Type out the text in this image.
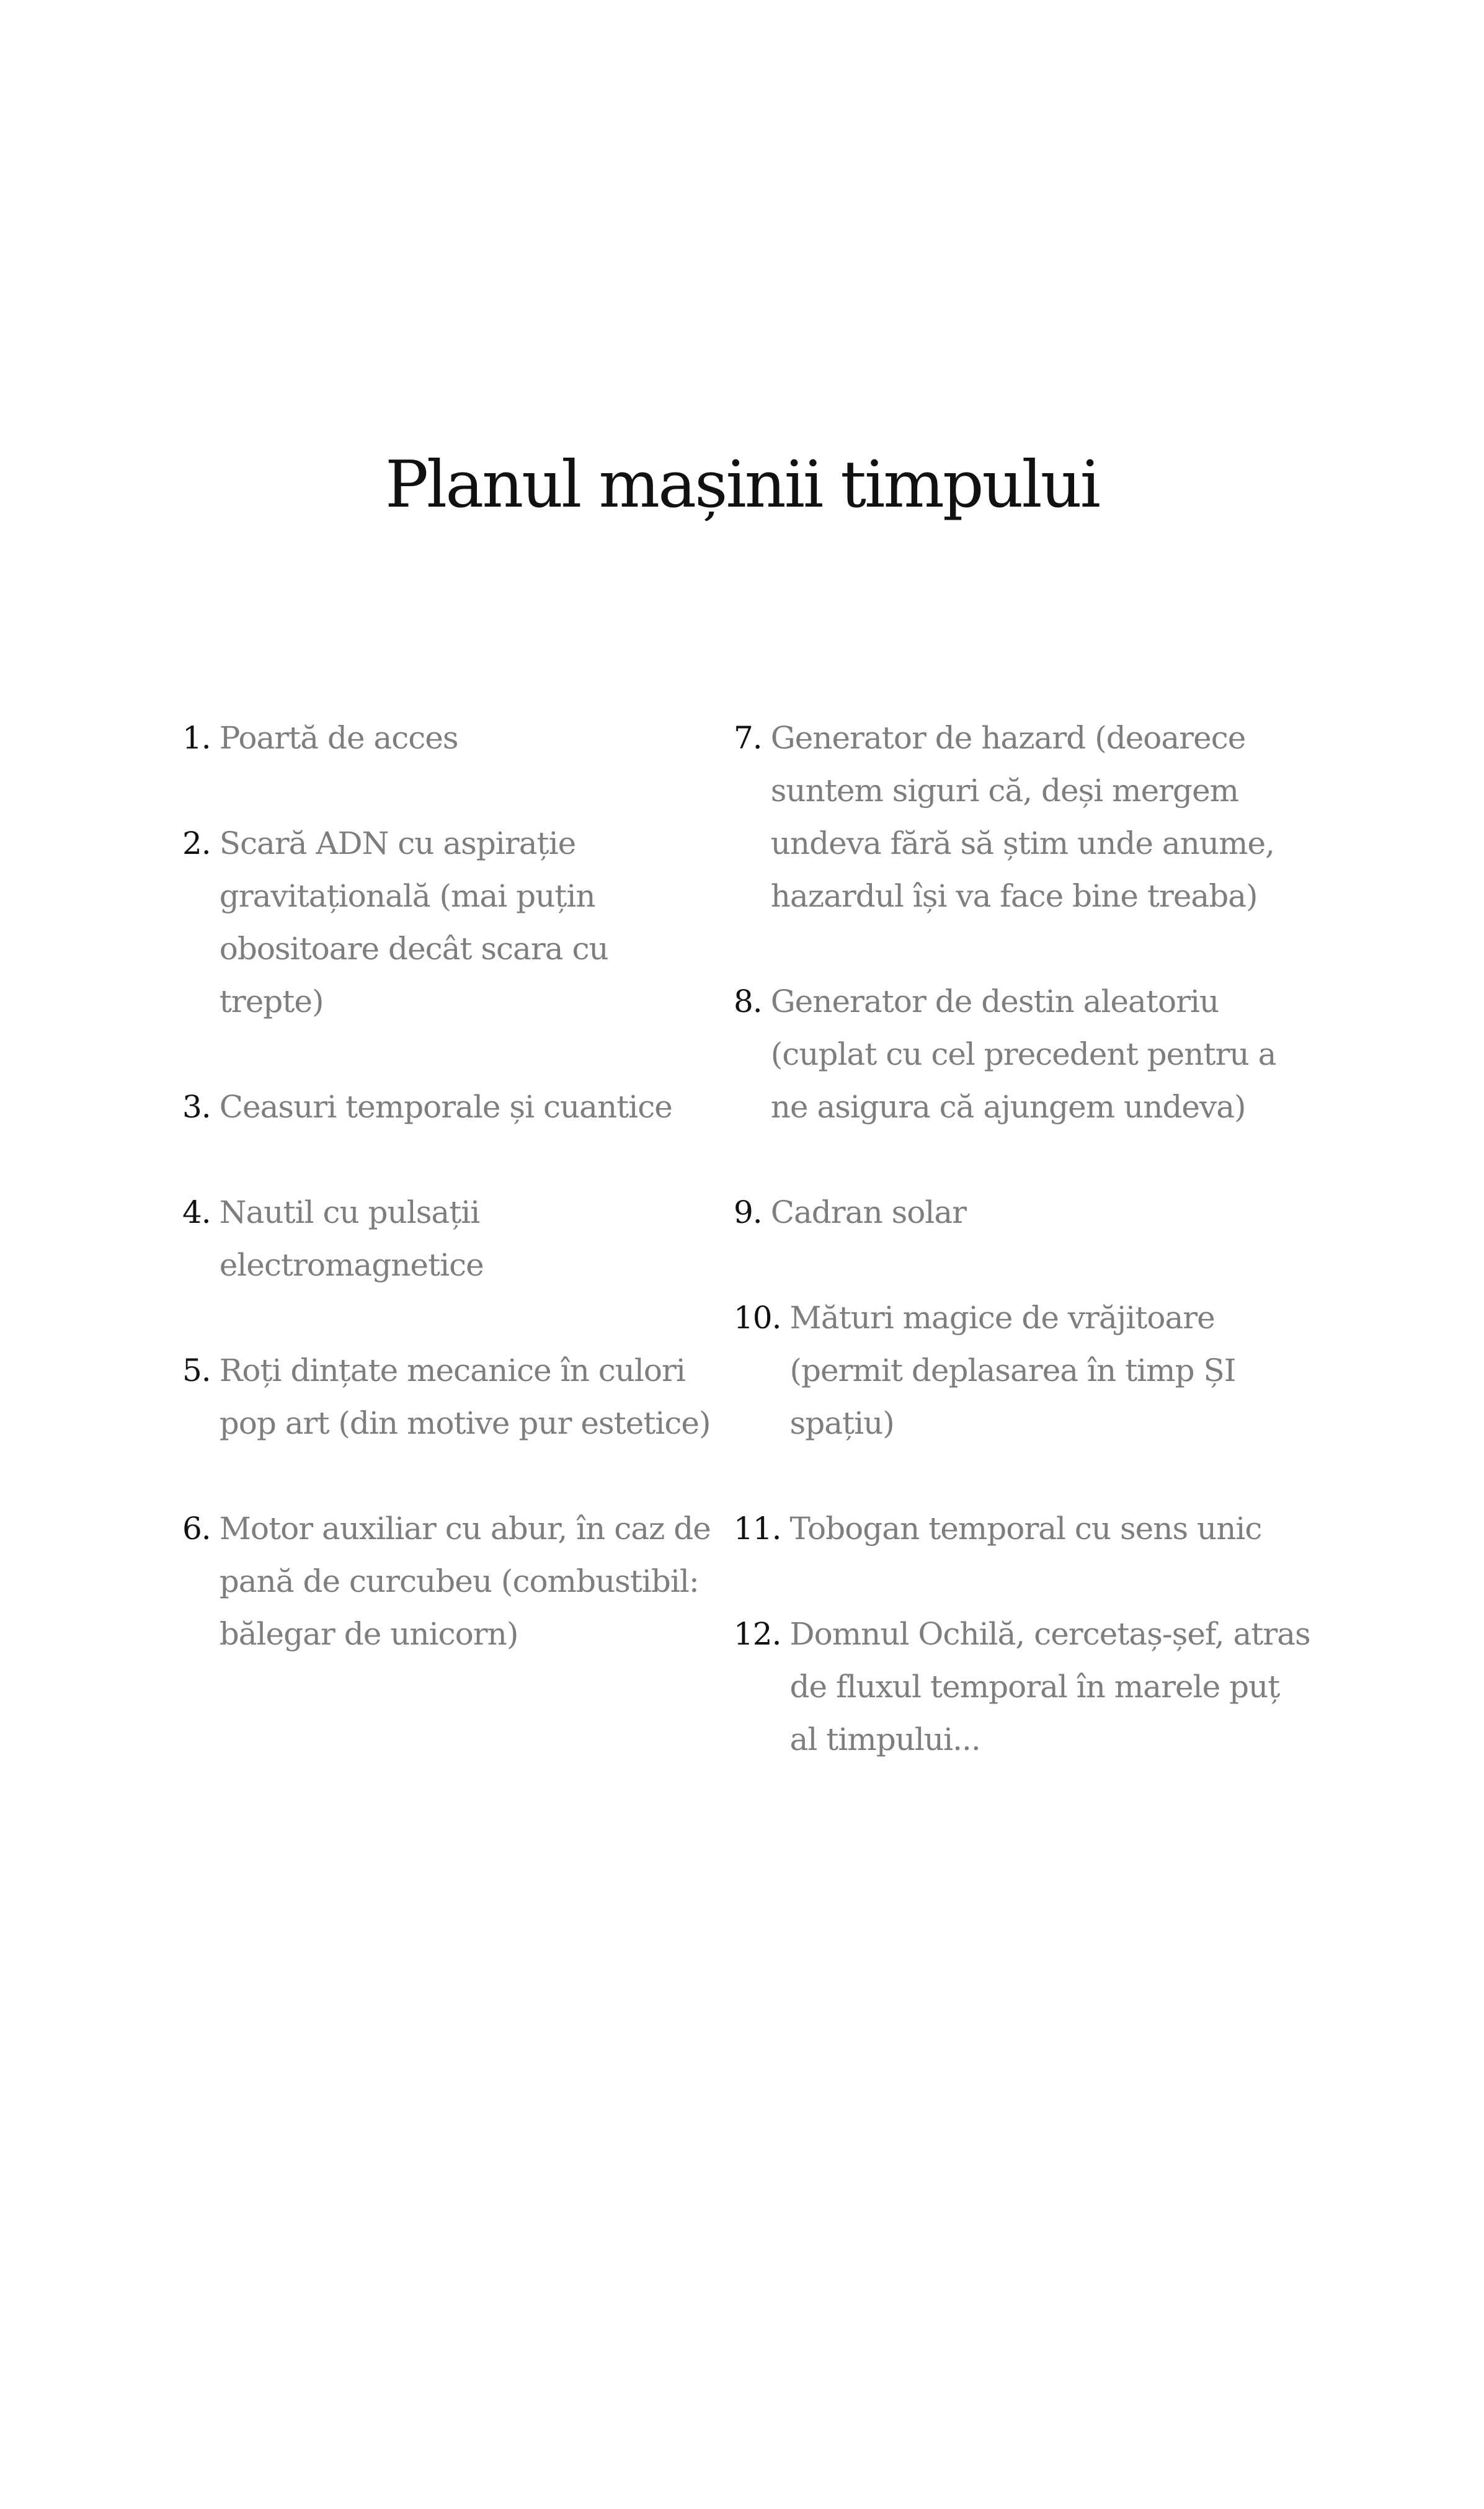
Planul mașinii timpului
1. Poartă de acces
2. Scară ADN cu aspirație gravitațională (mai puțin obositoare decât scara cu trepte)
3. Ceasuri temporale și cuantice
4. Nautil cu pulsații electromagnetice
5. Roți dințate mecanice în culori pop art (din motive pur estetice)
6. Motor auxiliar cu abur, în caz de pană de curcubeu (combustibil: bălegar de unicorn)
7. Generator de hazard (deoarece suntem siguri că, deși mergem undeva fără să știm unde anume, hazardul își va face bine treaba)
8. Generator de destin aleatoriu (cuplat cu cel precedent pentru a ne asigura că ajungem undeva)
9. Cadran solar
10. Mături magice de vrăjitoare (permit deplasarea în timp ȘI spațiu)
11. Tobogan temporal cu sens unic
12. Domnul Ochilă, cercetaș-șef, atras de fluxul temporal în marele puț al timpului...
